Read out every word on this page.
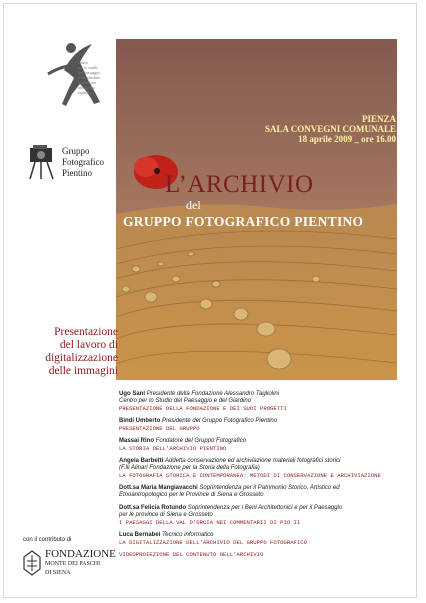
centro
per lo studio
del paesaggio
e del giardino
fondazione
alessandro
tagliolini
Gruppo
Fotografico
Pientino
PIENZA
SALA CONVEGNI COMUNALE
18 aprile 2009 _ ore 16.00
L’ARCHIVIO
del
GRUPPO FOTOGRAFICO PIENTINO
Presentazione
del lavoro di
digitalizzazione
delle immagini
Ugo Sani Presidente della Fondazione Alessandro Tagliolini
Centro per lo Studio del Paesaggio e del Giardino
PRESENTAZIONE DELLA FONDAZIONE E DEI SUOI PROGETTI
Bindi Umberto Presidente del Gruppo Fotografico Pientino
PRESENTAZIONE DEL GRUPPO
Massai Rino Fondatore del Gruppo Fotografico
LA STORIA DELL’ARCHIVIO PIENTINO
Angela Barbetti Addetta conservazione ed archiviazione materiali fotografici storici
(F.lli Alinari Fondazione per la Storia della Fotografia)
LA FOTOGRAFIA STORICA E CONTEMPORANEA: METODI DI CONSERVAZIONE E ARCHIVIAZIONE
Dott.sa Maria Mangiavacchi Soprintendenza per il Patrimonio Storico, Artistico ed
Etnoantropologico per le Province di Siena e Grosseto
Dott.sa Felicia Rotundo Soprintendenza per i Beni Architettonici e per il Paesaggio
per le province di Siena e Grosseto
I PAESAGGI DELLA VAL D’ORCIA NEI COMMENTARII DI PIO II
Luca Bernabei Tecnico informatico
LA DIGITALIZZAZIONE DELL’ARCHIVIO DEL GRUPPO FOTOGRAFICO
VIDEOPROIEZIONE DEL CONTENUTO DELL’ARCHIVIO
con il contributo di
FONDAZIONE
MONTE DEI PASCHI
DI SIENA
